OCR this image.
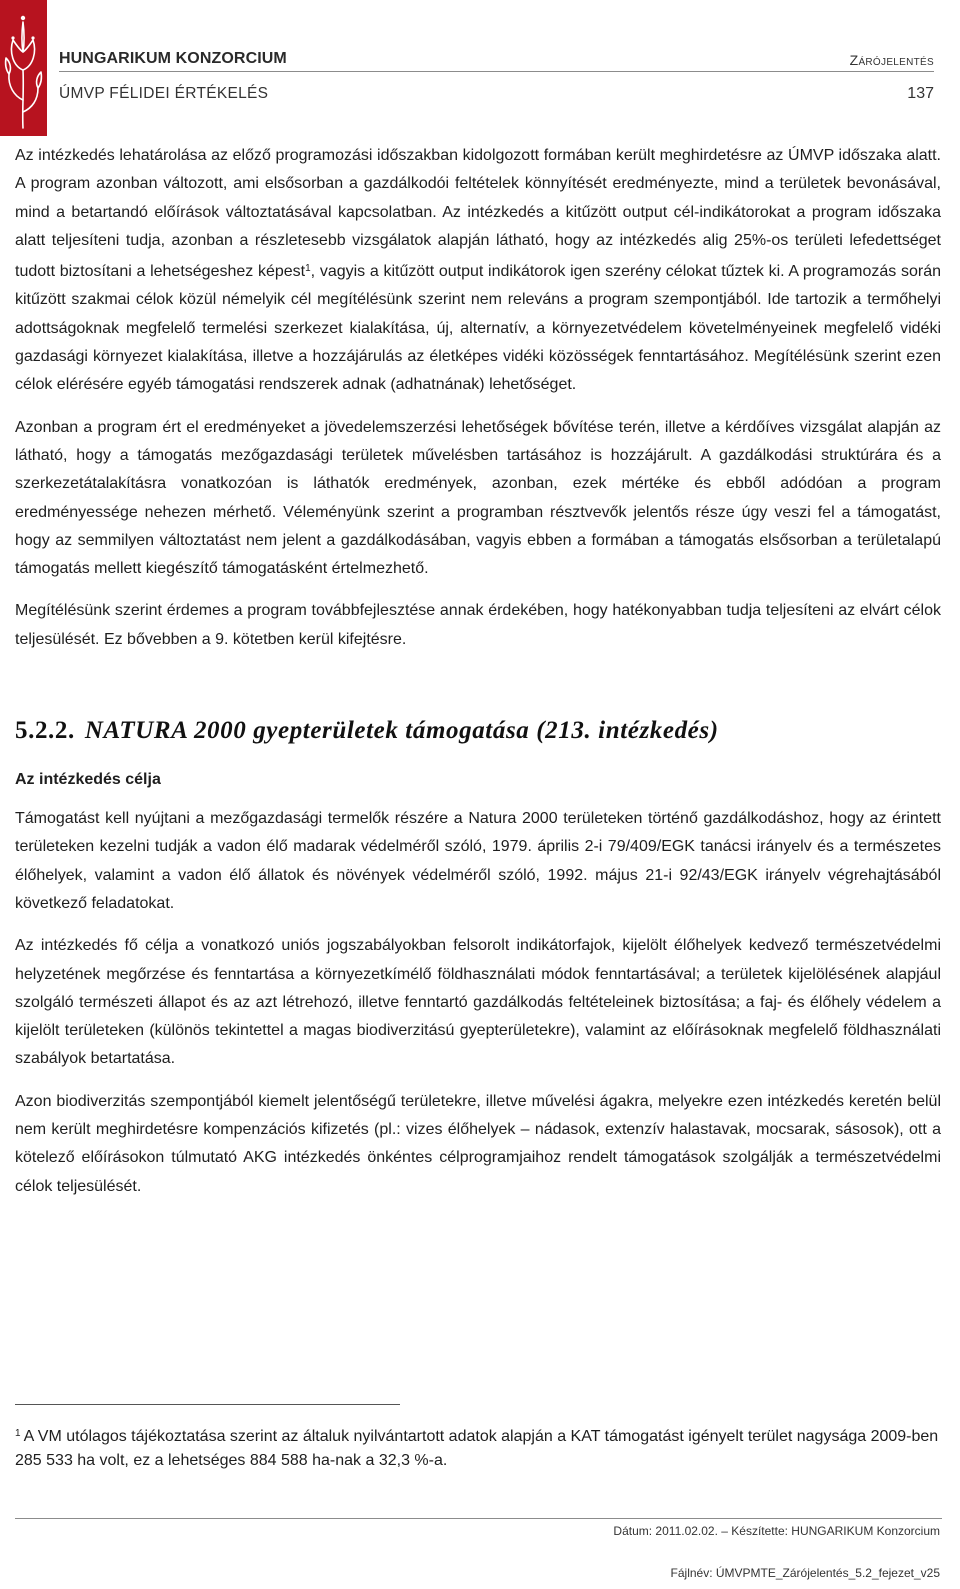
HUNGARIKUM KONZORCIUM	Zárójelentés
ÚMVP FÉLIDEI ÉRTÉKELÉS	137

Az intézkedés lehatárolása az előző programozási időszakban kidolgozott formában került meghirdetésre az ÚMVP időszaka alatt. A program azonban változott, ami elsősorban a gazdálkodói feltételek könnyítését eredményezte, mind a területek bevonásával, mind a betartandó előírások változtatásával kapcsolatban. Az intézkedés a kitűzött output cél-indikátorokat a program időszaka alatt teljesíteni tudja, azonban a részletesebb vizsgálatok alapján látható, hogy az intézkedés alig 25%-os területi lefedettséget tudott biztosítani a lehetségeshez képest$^1$, vagyis a kitűzött output indikátorok igen szerény célokat tűztek ki. A programozás során kitűzött szakmai célok közül némelyik cél megítélésünk szerint nem releváns a program szempontjából. Ide tartozik a termőhelyi adottságoknak megfelelő termelési szerkezet kialakítása, új, alternatív, a környezetvédelem követelményeinek megfelelő vidéki gazdasági környezet kialakítása, illetve a hozzájárulás az életképes vidéki közösségek fenntartásához. Megítélésünk szerint ezen célok elérésére egyéb támogatási rendszerek adnak (adhatnának) lehetőséget.

Azonban a program ért el eredményeket a jövedelemszerzési lehetőségek bővítése terén, illetve a kérdőíves vizsgálat alapján az látható, hogy a támogatás mezőgazdasági területek művelésben tartásához is hozzájárult. A gazdálkodási struktúrára és a szerkezetátalakításra vonatkozóan is láthatók eredmények, azonban, ezek mértéke és ebből adódóan a program eredményessége nehezen mérhető. Véleményünk szerint a programban résztvevők jelentős része úgy veszi fel a támogatást, hogy az semmilyen változtatást nem jelent a gazdálkodásában, vagyis ebben a formában a támogatás elsősorban a területalapú támogatás mellett kiegészítő támogatásként értelmezhető.

Megítélésünk szerint érdemes a program továbbfejlesztése annak érdekében, hogy hatékonyabban tudja teljesíteni az elvárt célok teljesülését. Ez bővebben a 9. kötetben kerül kifejtésre.

5.2.2. NATURA 2000 gyepterületek támogatása (213. intézkedés)
Az intézkedés célja

Támogatást kell nyújtani a mezőgazdasági termelők részére a Natura 2000 területeken történő gazdálkodáshoz, hogy az érintett területeken kezelni tudják a vadon élő madarak védelméről szóló, 1979. április 2-i 79/409/EGK tanácsi irányelv és a természetes élőhelyek, valamint a vadon élő állatok és növények védelméről szóló, 1992. május 21-i 92/43/EGK irányelv végrehajtásából következő feladatokat.

Az intézkedés fő célja a vonatkozó uniós jogszabályokban felsorolt indikátorfajok, kijelölt élőhelyek kedvező természetvédelmi helyzetének megőrzése és fenntartása a környezetkímélő földhasználati módok fenntartásával; a területek kijelölésének alapjául szolgáló természeti állapot és az azt létrehozó, illetve fenntartó gazdálkodás feltételeinek biztosítása; a faj- és élőhely védelem a kijelölt területeken (különös tekintettel a magas biodiverzitású gyepterületekre), valamint az előírásoknak megfelelő földhasználati szabályok betartatása.

Azon biodiverzitás szempontjából kiemelt jelentőségű területekre, illetve művelési ágakra, melyekre ezen intézkedés keretén belül nem került meghirdetésre kompenzációs kifizetés (pl.: vizes élőhelyek – nádasok, extenzív halastavak, mocsarak, sásosok), ott a kötelező előírásokon túlmutató AKG intézkedés önkéntes célprogramjaihoz rendelt támogatások szolgálják a természetvédelmi célok teljesülését.

$^1$ A VM utólagos tájékoztatása szerint az általuk nyilvántartott adatok alapján a KAT támogatást igényelt terület nagysága 2009-ben 285 533 ha volt, ez a lehetséges 884 588 ha-nak a 32,3 %-a.
Dátum: 2011.02.02. – Készítette: HUNGARIKUM Konzorcium
Fájlnév: ÚMVPMTE_Zárójelentés_5.2_fejezet_v25
